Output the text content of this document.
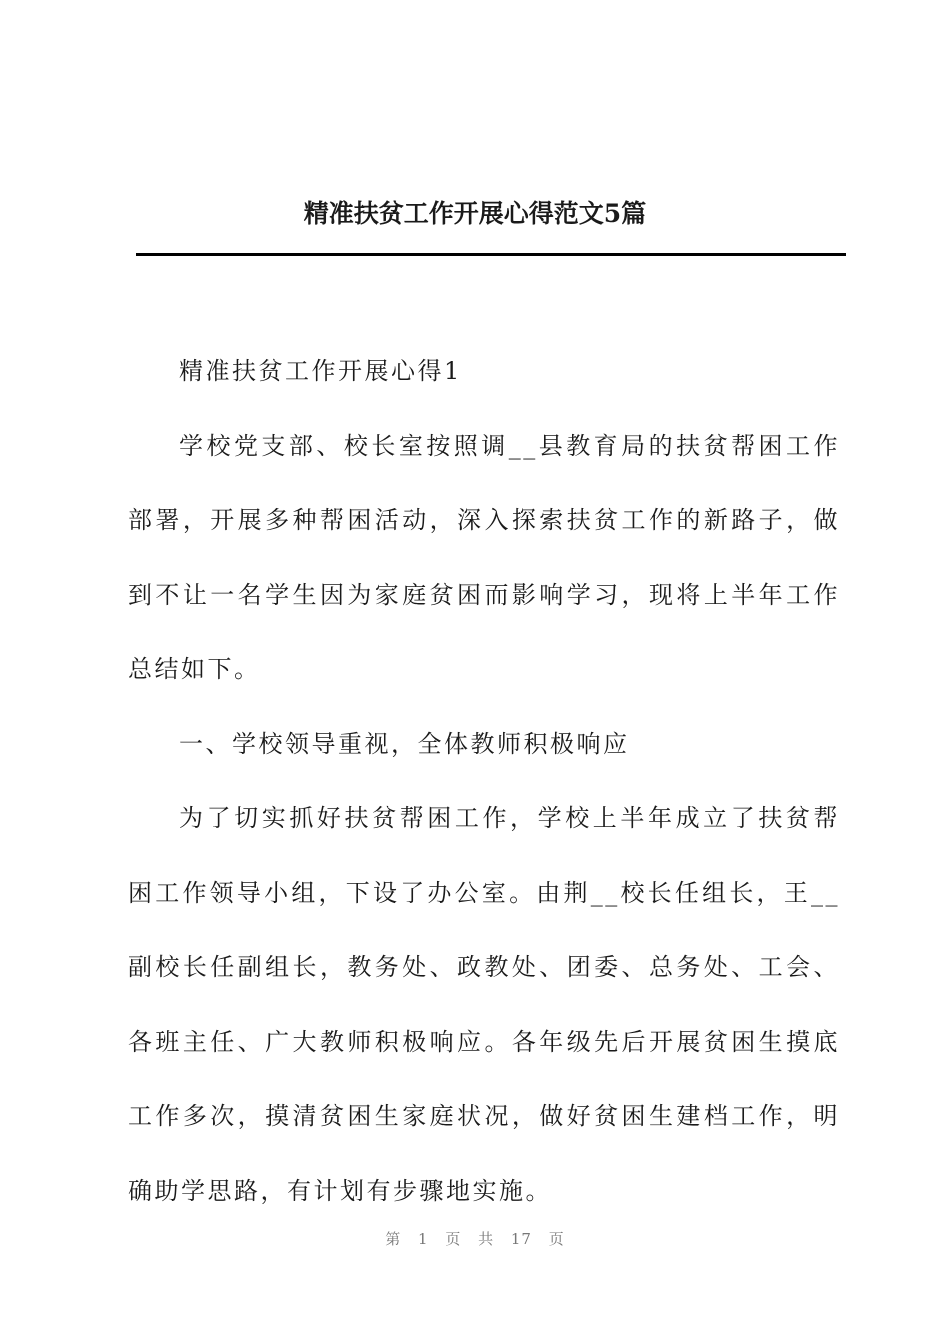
精准扶贫工作开展心得范文5篇

精准扶贫工作开展心得1

学校党支部、校长室按照调__县教育局的扶贫帮困工作部署，开展多种帮困活动，深入探索扶贫工作的新路子，做到不让一名学生因为家庭贫困而影响学习，现将上半年工作总结如下。

一、学校领导重视，全体教师积极响应

为了切实抓好扶贫帮困工作，学校上半年成立了扶贫帮困工作领导小组，下设了办公室。由荆__校长任组长，王__副校长任副组长，教务处、政教处、团委、总务处、工会、各班主任、广大教师积极响应。各年级先后开展贫困生摸底工作多次，摸清贫困生家庭状况，做好贫困生建档工作，明确助学思路，有计划有步骤地实施。

第 1 页 共 17 页
